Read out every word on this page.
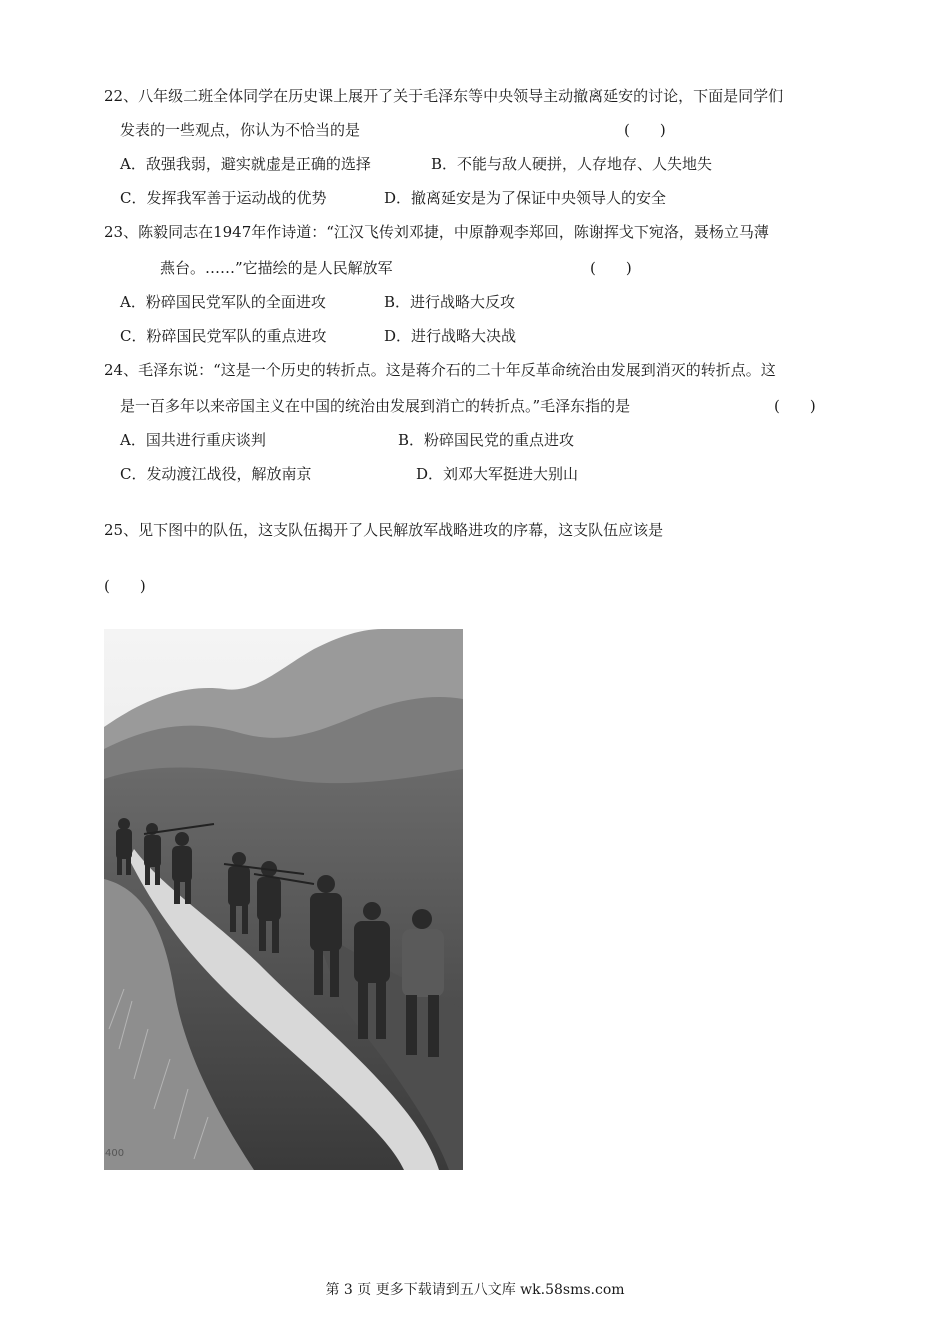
22、八年级二班全体同学在历史课上展开了关于毛泽东等中央领导主动撤离延安的讨论，下面是同学们
发表的一些观点，你认为不恰当的是	(　　)
A．敌强我弱，避实就虚是正确的选择	B．不能与敌人硬拼，人存地存、人失地失
C．发挥我军善于运动战的优势	D．撤离延安是为了保证中央领导人的安全
23、陈毅同志在1947年作诗道：“江汉飞传刘邓捷，中原静观李郑回，陈谢挥戈下宛洛，聂杨立马薄
燕台。……”它描绘的是人民解放军	(　　)
A．粉碎国民党军队的全面进攻	B．进行战略大反攻
C．粉碎国民党军队的重点进攻	D．进行战略大决战
24、毛泽东说：“这是一个历史的转折点。这是蒋介石的二十年反革命统治由发展到消灭的转折点。这
是一百多年以来帝国主义在中国的统治由发展到消亡的转折点。”毛泽东指的是	(　　)
A．国共进行重庆谈判	B．粉碎国民党的重点进攻
C．发动渡江战役，解放南京	D．刘邓大军挺进大别山
25、见下图中的队伍，这支队伍揭开了人民解放军战略进攻的序幕，这支队伍应该是
(　　)
400
第 3 页 更多下载请到五八文库 wk.58sms.com
